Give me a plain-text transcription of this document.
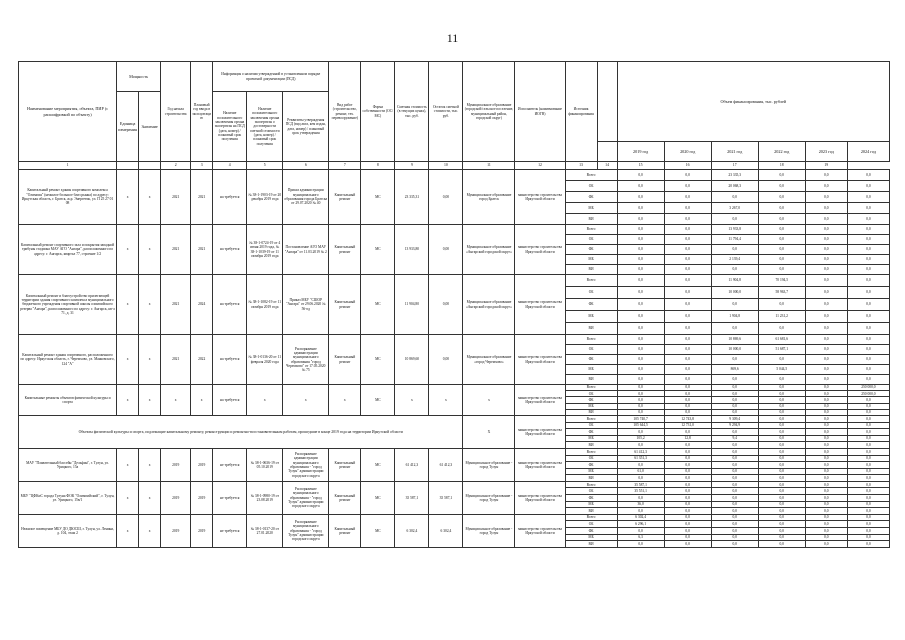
11
Наименование мероприятия, объекта, ПИР (с расшифровкой по объекту)	Мощность		Год начала строительства	Плановый год ввода в эксплуатацию	Информация о наличии утвержденной в установленном порядке проектной документации (ПСД)			Вид работ (строительство, ремонт, тех. перевооружение)	Форма собственности (ОС/МС)	Сметная стоимость (в текущих ценах), тыс. руб.	Остаток сметной стоимости, тыс. руб.	Муниципальное образование (городской/сельское поселение, муниципальный район, городской округ)	Исполнитель (наименование ИОГВ)	Источник финансирования		Объем финансирования, тыс. рублей					
	Единица измерения	Значение			Наличие положительного заключения органа экспертизы на ПСД (дата, номер) / плановый срок получения	Наличие положительного заключения органа экспертизы о достоверности сметной стоимости (дата, номер) / плановый срок получения	Реквизиты утверждения ПСД (вид акта, кем издан, дата, номер) / плановый срок утверждения														
																2019 год	2020 год	2021 год	2022 год	2023 год	2024 год
1			2	3	4	5	6	7	8	9	10	11	12	13	14	15	16	17	18	19	
Капитальный ремонт здания спортивного комплекса "Олимпия" (нежилое большое близ рынка) по адресу: Иркутская область, г. Братск, ж.р. Энергетик, ул. П 25 27 01 08	х	х	2021	2021	на требуется	№ 38-1-1903-19 от 20 декабря 2019 года	Приказ администрации муниципального образования города Братска от 29.07.2020 № 40	Капитальный ремонт	МС	23 335,31	0,00	Муниципальное образование город Братск	министерство строительства Иркутской области	Всего		0,0	0,0	23 335,3	0,0	0,0	0,0
														ОБ		0,0	0,0	20 068,3	0,0	0,0	0,0
														ФБ		0,0	0,0	0,0	0,0	0,0	0,0
														МБ		0,0	0,0	3 267,0	0,0	0,0	0,0
														ВИ		0,0	0,0	0,0	0,0	0,0	0,0
Капитальный ремонт спортивного зала и покрытия западной трибуны стадиона МАУ АГО "Ангара", расположенного по адресу: г. Ангарск, квартал 77, строение 1/2	х	х	2021	2021	на требуется	№ 38-1-0724-19 от 4 июня 2019 года, № 38-1-1039-19 от 11 октября 2019 года	Постановление АГО МАУ "Ангара" от 11.03.2019 № 2	Капитальный ремонт	МС	13 933,80	0,00	Муниципальное образование «Ангарский городской округ»	министерство строительства Иркутской области	Всего		0,0	0,0	13 933,8	0,0	0,0	0,0
														ОБ		0,0	0,0	11 794,4	0,0	0,0	0,0
														ФБ		0,0	0,0	0,0	0,0	0,0	0,0
														МБ		0,0	0,0	2 139,4	0,0	0,0	0,0
														ВИ		0,0	0,0	0,0	0,0	0,0	0,0
Капитальный ремонт и благоустройство прилегающей территории здания спортивного комплекса муниципального бюджетного учреждения спортивной школы олимпийского резерва "Ангара", расположенного по адресу: г. Ангарск, кв-л 71, д. 31	х	х	2021	2024	на требуется	№ 38-1-1082-19 от 11 октября 2019 года	Приказ МБУ "СШОР "Ангара" от 29.06.2020 № 56-од	Капитальный ремонт	МС	11 904,80	0,00	Муниципальное образование «Ангарский городской округ»	министерство строительства Иркутской области	Всего		0,0	0,0	11 904,8	70 194,5	0,0	0,0
														ОБ		0,0	0,0	10 000,0	58 963,7	0,0	0,0
														ФБ		0,0	0,0	0,0	0,0	0,0	0,0
														МБ		0,0	0,0	1 904,8	11 231,2	0,0	0,0
														ВИ		0,0	0,0	0,0	0,0	0,0	0,0
Капитальный ремонт здания спортивного, расположенного по адресу: Иркутская область, г. Черемхово, ул. Маяковского, 124 "А"	х	х	2021	2022	на требуется	№ 38-1-0136-20 от 11 февраля 2020 года	Распоряжение администрации муниципального образования "город Черемхово" от 17.05.2020 № 75	Капитальный ремонт	МС	10 869,60	0,00	Муниципальное образование «город Черемхово»	министерство строительства Иркутской области	Всего		0,0	0,0	10 869,6	61 681,6	0,0	0,0
														ОБ		0,0	0,0	10 000,0	51 687,1	0,0	0,0
														ФБ		0,0	0,0	0,0	0,0	0,0	0,0
														МБ		0,0	0,0	869,6	5 044,5	0,0	0,0
														ВИ		0,0	0,0	0,0	0,0	0,0	0,0
Капитальные ремонты объектов физической культуры и спорта	х	х	х	х	на требуется	х	х	х	МС	х	х	х	министерство строительства Иркутской области	Всего		0,0	0,0	0,0	0,0	0,0	250 000,0
														ОБ		0,0	0,0	0,0	0,0	0,0	250 000,0
														ФБ		0,0	0,0	0,0	0,0	0,0	0,0
														МБ		0,0	0,0	0,0	0,0	0,0	0,0
														ВИ		0,0	0,0	0,0	0,0	0,0	0,0
Объекты физической культуры и спорта, подлежащие капитальному ремонту, реконструкции и ремонтно-восстановительным работам, прошедшие в конце 2019 года на территории Иркутской области												Х	министерство строительства Иркутской области	Всего		105 740,7	12 743,8	9 309,4	0,0	0,0	0,0
														ОБ		105 644,5	12 731,0	9 294,9	0,0	0,0	0,0
														ФБ		0,0	0,0	0,0	0,0	0,0	0,0
														МБ		105,2	12,8	9,4	0,0	0,0	0,0
														ВИ		0,0	0,0	0,0	0,0	0,0	0,0
МАУ "Плавательный бассейн "Дельфин", г. Тулун, ул. Урицкого, 15а	х	х	2019	2019	не требуется	№ 38-1-0636-19 от 05.10.2019	Распоряжение администрации муниципального образования - "город Тулун" администрации городского округа	Капитальный ремонт	МС	61 412,3	61 412,3	Муниципальное образование - город Тулун	министерство строительства Иркутской области	Всего		61 412,3	0,0	0,0	0,0	0,0	0,0
														ОБ		61 351,3	0,0	0,0	0,0	0,0	0,0
														ФБ		0,0	0,0	0,0	0,0	0,0	0,0
														МБ		61,0	0,0	0,0	0,0	0,0	0,0
														ВИ		0,0	0,0	0,0	0,0	0,0	0,0
МБУ "ЦФКиС города Тулуна ФОК "Олимпийский", г. Тулун, ул. Урицкого, 15в/1	х	х	2019	2019	не требуется	№ 38-1-0980-19 от 23.08.2019	Распоряжение муниципального образования - "город Тулун" администрации городского округа	Капитальный ремонт	МС	35 587,1	35 587,1	Муниципальное образование - город Тулун	министерство строительства Иркутской области	Всего		35 587,1	0,0	0,0	0,0	0,0	0,0
														ОБ		35 551,1	0,0	0,0	0,0	0,0	0,0
														ФБ		0,0	0,0	0,0	0,0	0,0	0,0
														МБ		36,0	0,0	0,0	0,0	0,0	0,0
														ВИ		0,0	0,0	0,0	0,0	0,0	0,0
Нежилое помещение МБУ ДО ДЮСШ, г. Тулун, ул. Ленина, д. 104, этаж 2	х	х	2019	2019	не требуется	№ 38-1-0137-20 от 27.01.2020	Распоряжение муниципального образования - "город Тулун" администрации городского округа	Капитальный ремонт	МС	6 302,4	6 302,4	Муниципальное образование - город Тулун	министерство строительства Иркутской области	Всего		6 302,4	0,0	0,0	0,0	0,0	0,0
														ОБ		6 296,1	0,0	0,0	0,0	0,0	0,0
														ФБ		0,0	0,0	0,0	0,0	0,0	0,0
														МБ		6,3	0,0	0,0	0,0	0,0	0,0
														ВИ		0,0	0,0	0,0	0,0	0,0	0,0
